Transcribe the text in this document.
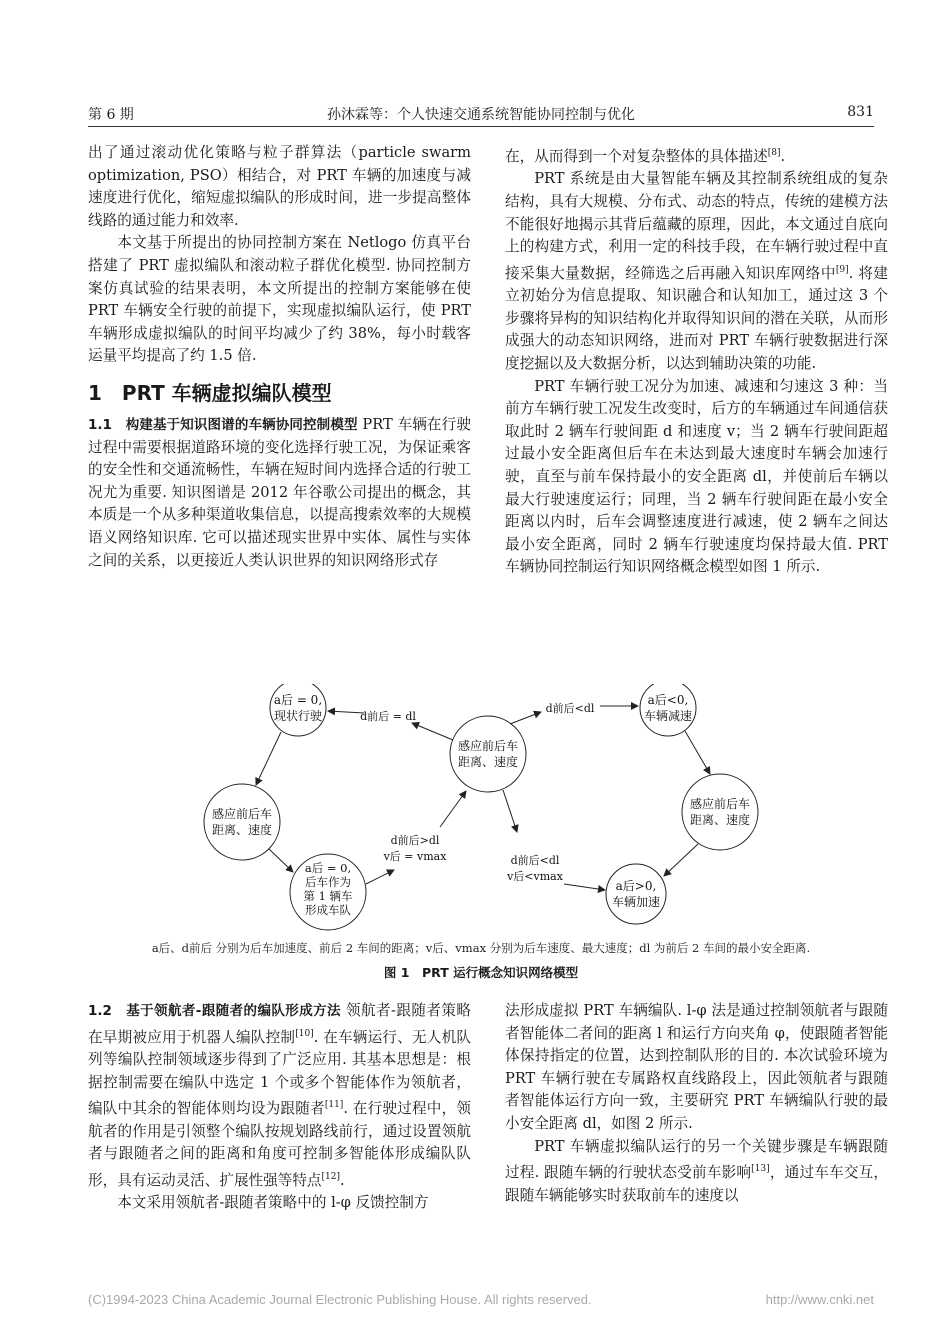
第 6 期	孙沐霖等：个人快速交通系统智能协同控制与优化	831

出了通过滚动优化策略与粒子群算法（particle swarm optimization, PSO）相结合，对 PRT 车辆的加速度与减速度进行优化，缩短虚拟编队的形成时间，进一步提高整体线路的通过能力和效率.

本文基于所提出的协同控制方案在 Netlogo 仿真平台搭建了 PRT 虚拟编队和滚动粒子群优化模型. 协同控制方案仿真试验的结果表明，本文所提出的控制方案能够在使 PRT 车辆安全行驶的前提下，实现虚拟编队运行，使 PRT 车辆形成虚拟编队的时间平均减少了约 38%，每小时载客运量平均提高了约 1.5 倍.

1　PRT 车辆虚拟编队模型

1.1　构建基于知识图谱的车辆协同控制模型 PRT 车辆在行驶过程中需要根据道路环境的变化选择行驶工况，为保证乘客的安全性和交通流畅性，车辆在短时间内选择合适的行驶工况尤为重要. 知识图谱是 2012 年谷歌公司提出的概念，其本质是一个从多种渠道收集信息，以提高搜索效率的大规模语义网络知识库. 它可以描述现实世界中实体、属性与实体之间的关系，以更接近人类认识世界的知识网络形式存

在，从而得到一个对复杂整体的具体描述[8].

PRT 系统是由大量智能车辆及其控制系统组成的复杂结构，具有大规模、分布式、动态的特点，传统的建模方法不能很好地揭示其背后蕴藏的原理，因此，本文通过自底向上的构建方式，利用一定的科技手段，在车辆行驶过程中直接采集大量数据，经筛选之后再融入知识库网络中[9]. 将建立初始分为信息提取、知识融合和认知加工，通过这 3 个步骤将异构的知识结构化并取得知识间的潜在关联，从而形成强大的动态知识网络，进而对 PRT 车辆行驶数据进行深度挖掘以及大数据分析，以达到辅助决策的功能.

PRT 车辆行驶工况分为加速、减速和匀速这 3 种：当前方车辆行驶工况发生改变时，后方的车辆通过车间通信获取此时 2 辆车行驶间距 d 和速度 v；当 2 辆车行驶间距超过最小安全距离但后车在未达到最大速度时车辆会加速行驶，直至与前车保持最小的安全距离 dl，并使前后车辆以最大行驶速度运行；同理，当 2 辆车行驶间距在最小安全距离以内时，后车会调整速度进行减速，使 2 辆车之间达最小安全距离，同时 2 辆车行驶速度均保持最大值. PRT 车辆协同控制运行知识网络概念模型如图 1 所示.

感应前后车
距离、速度
a后 = 0,
现状行驶
感应前后车
距离、速度
a后 = 0,
后车作为
第 1 辆车
形成车队
a后<0,
车辆减速
感应前后车
距离、速度
a后>0,
车辆加速
d前后 = dl
d前后<dl
d前后>dl
v后 = vmax	d前后<dl
v后<vmax
a后、d前后 分别为后车加速度、前后 2 车间的距离；v后、vmax 分别为后车速度、最大速度；dl 为前后 2 车间的最小安全距离.
图 1　PRT 运行概念知识网络模型

1.2　基于领航者-跟随者的编队形成方法 领航者-跟随者策略在早期被应用于机器人编队控制[10]. 在车辆运行、无人机队列等编队控制领域逐步得到了广泛应用. 其基本思想是：根据控制需要在编队中选定 1 个或多个智能体作为领航者，编队中其余的智能体则均设为跟随者[11]. 在行驶过程中，领航者的作用是引领整个编队按规划路线前行，通过设置领航者与跟随者之间的距离和角度可控制多智能体形成编队队形，具有运动灵活、扩展性强等特点[12].

本文采用领航者-跟随者策略中的 l-φ 反馈控制方

法形成虚拟 PRT 车辆编队. l-φ 法是通过控制领航者与跟随者智能体二者间的距离 l 和运行方向夹角 φ，使跟随者智能体保持指定的位置，达到控制队形的目的. 本次试验环境为 PRT 车辆行驶在专属路权直线路段上，因此领航者与跟随者智能体运行方向一致，主要研究 PRT 车辆编队行驶的最小安全距离 dl，如图 2 所示.

PRT 车辆虚拟编队运行的另一个关键步骤是车辆跟随过程. 跟随车辆的行驶状态受前车影响[13]，通过车车交互，跟随车辆能够实时获取前车的速度以

(C)1994-2023 China Academic Journal Electronic Publishing House. All rights reserved.	http://www.cnki.net
